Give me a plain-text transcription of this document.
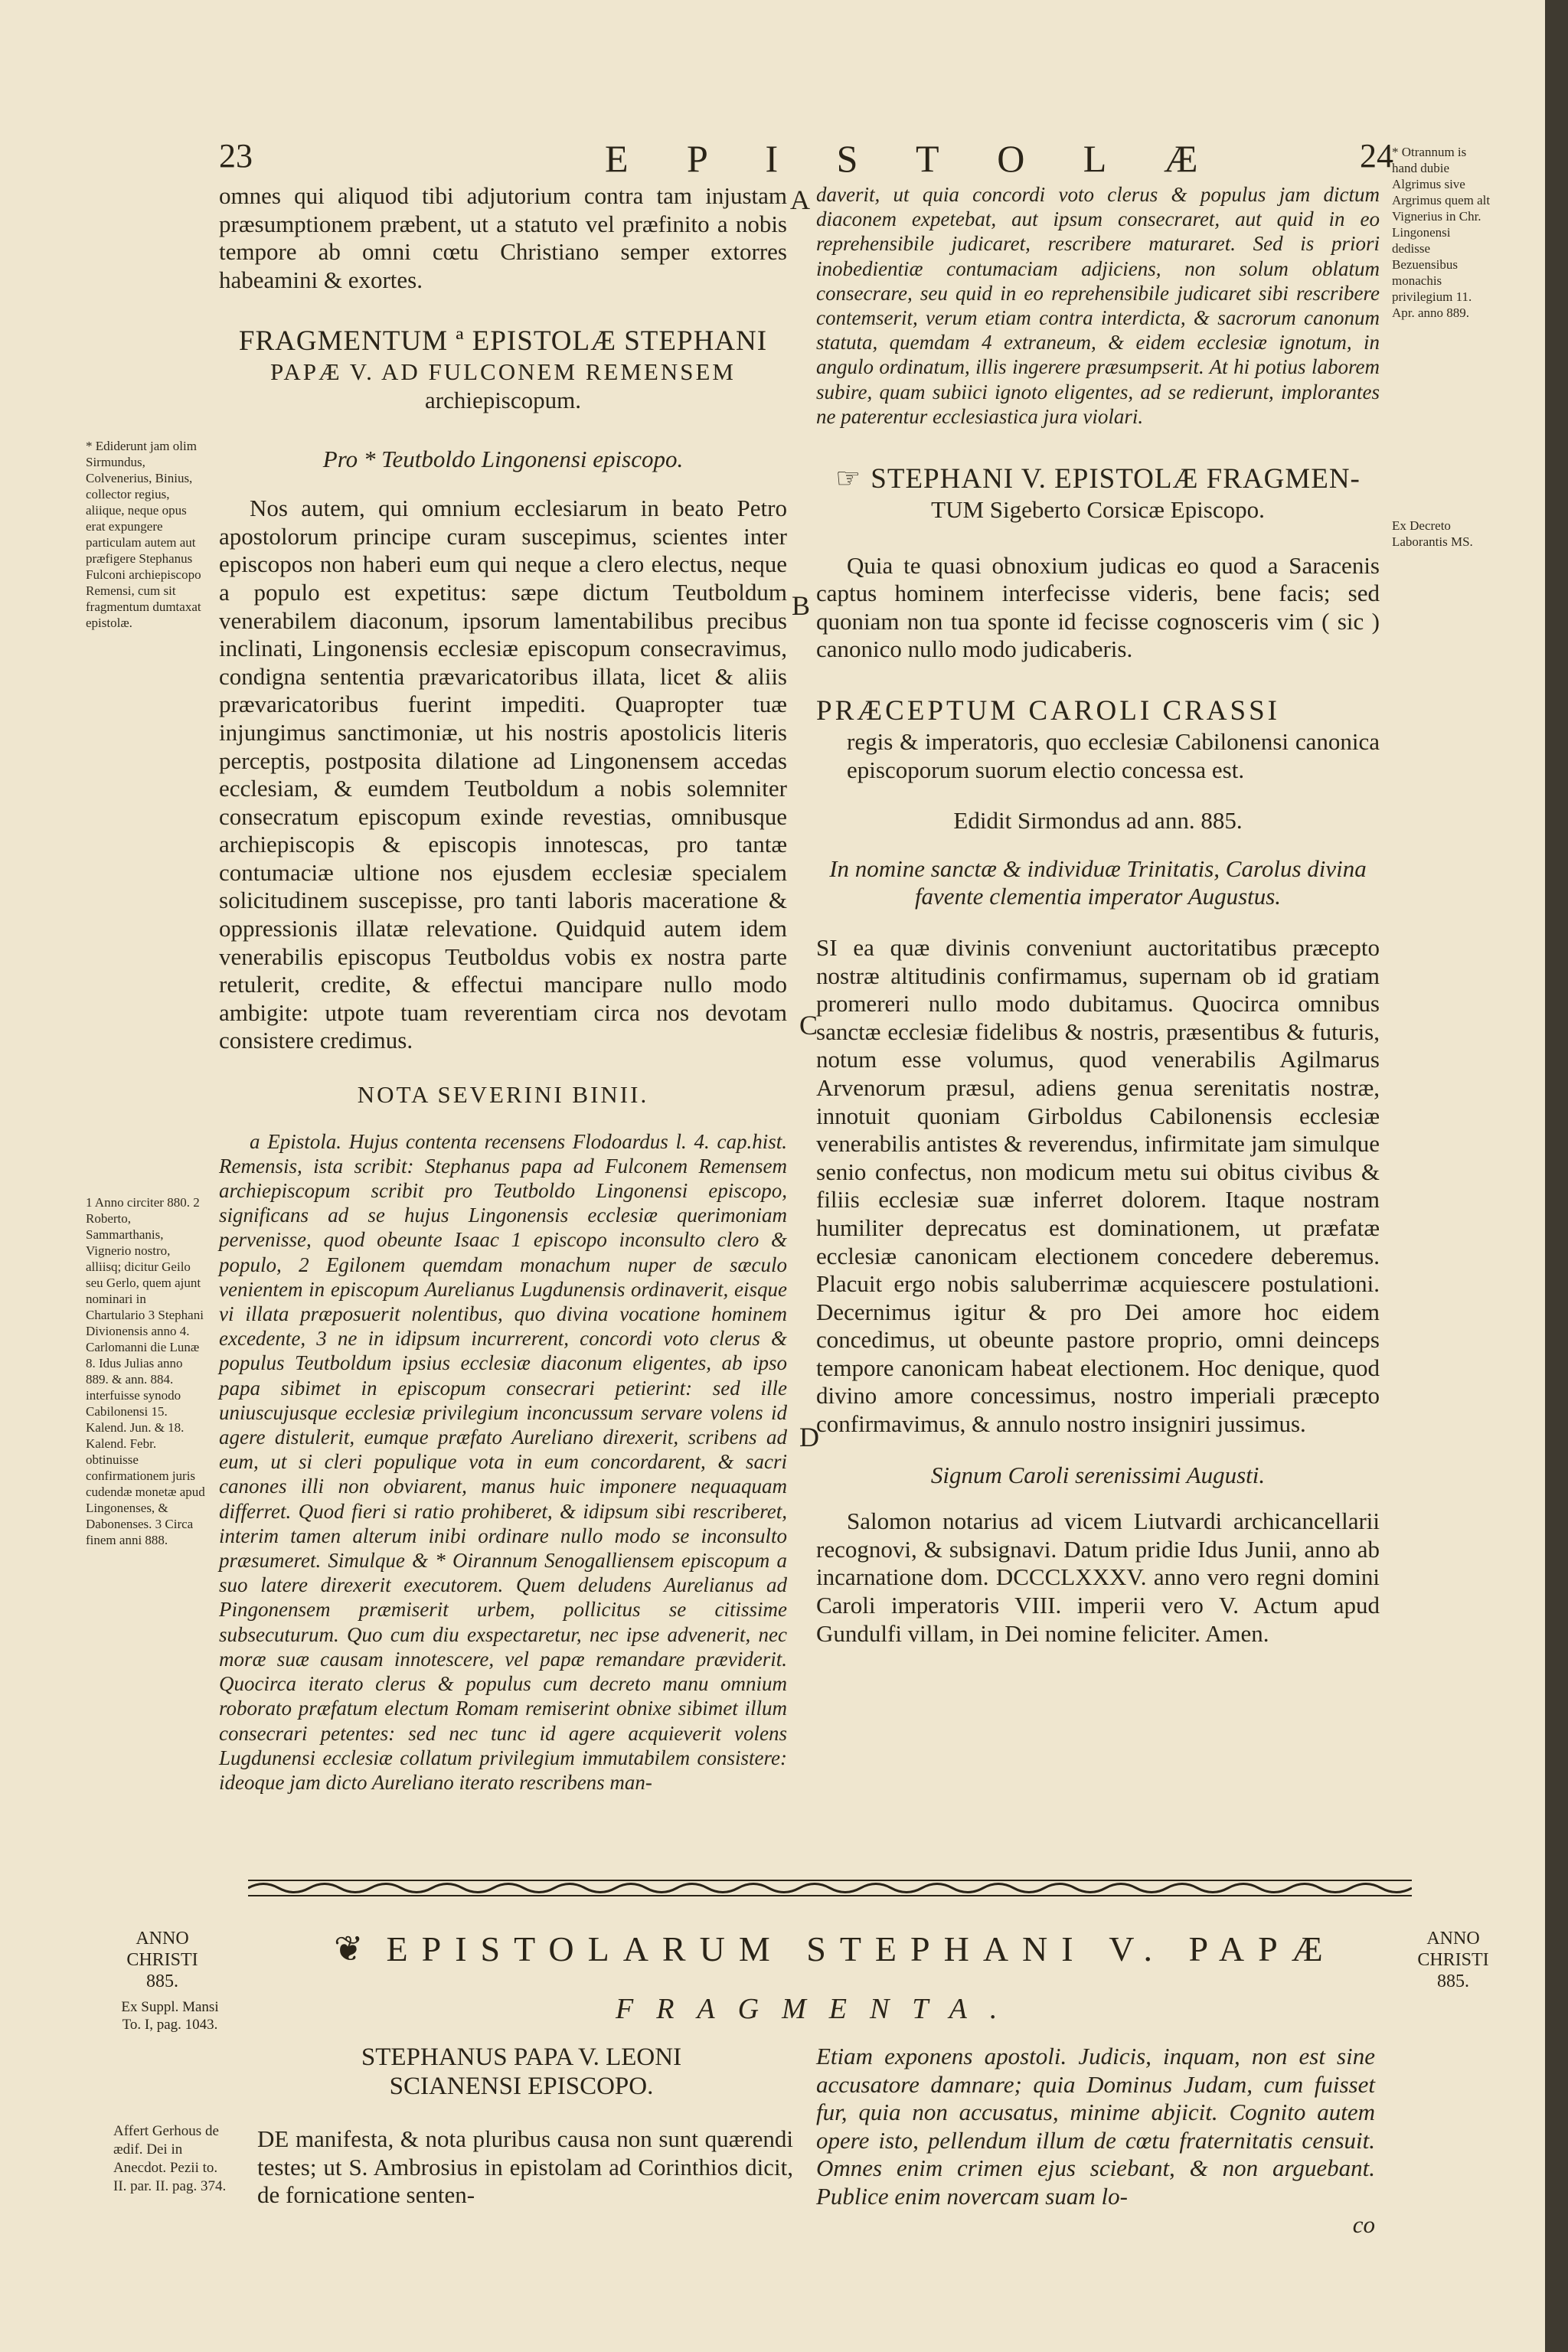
23	E P I S T O L Æ	24
A
B
C
D

omnes qui aliquod tibi adjutorium contra tam injustam præsumptionem præbent, ut a statuto vel præfinito a nobis tempore ab omni cœtu Christiano semper extorres habeamini & exortes.

FRAGMENTUM ª EPISTOLÆ STEPHANI

PAPÆ V. AD FULCONEM REMENSEM

archiepiscopum.

Pro * Teutboldo Lingonensi episcopo.

Nos autem, qui omnium ecclesiarum in beato Petro apostolorum principe curam suscepimus, scientes inter episcopos non haberi eum qui neque a clero electus, neque a populo est expetitus: sæpe dictum Teutboldum venerabilem diaconum, ipsorum lamentabilibus precibus inclinati, Lingonensis ecclesiæ episcopum consecravimus, condigna sententia prævaricatoribus illata, licet & aliis prævaricatoribus fuerint impediti. Quapropter tuæ injungimus sanctimoniæ, ut his nostris apostolicis literis perceptis, postposita dilatione ad Lingonensem accedas ecclesiam, & eumdem Teutboldum a nobis solemniter consecratum episcopum exinde revestias, omnibusque archiepiscopis & episcopis innotescas, pro tantæ contumaciæ ultione nos ejusdem ecclesiæ specialem solicitudinem suscepisse, pro tanti laboris maceratione & oppressionis illatæ relevatione. Quidquid autem idem venerabilis episcopus Teutboldus vobis ex nostra parte retulerit, credite, & effectui mancipare nullo modo ambigite: utpote tuam reverentiam circa nos devotam consistere credimus.

NOTA SEVERINI BINII.

a Epistola. Hujus contenta recensens Flodoardus l. 4. cap.hist. Remensis, ista scribit: Stephanus papa ad Fulconem Remensem archiepiscopum scribit pro Teutboldo Lingonensi episcopo, significans ad se hujus Lingonensis ecclesiæ querimoniam pervenisse, quod obeunte Isaac 1 episcopo inconsulto clero & populo, 2 Egilonem quemdam monachum nuper de sæculo venientem in episcopum Aurelianus Lugdunensis ordinaverit, eisque vi illata præposuerit nolentibus, quo divina vocatione hominem excedente, 3 ne in idipsum incurrerent, concordi voto clerus & populus Teutboldum ipsius ecclesiæ diaconum eligentes, ab ipso papa sibimet in episcopum consecrari petierint: sed ille uniuscujusque ecclesiæ privilegium inconcussum servare volens id agere distulerit, eumque præfato Aureliano direxerit, scribens ad eum, ut si cleri populique vota in eum concordarent, & sacri canones illi non obviarent, manus huic imponere nequaquam differret. Quod fieri si ratio prohiberet, & idipsum sibi rescriberet, interim tamen alterum inibi ordinare nullo modo se inconsulto præsumeret. Simulque & * Oirannum Senogalliensem episcopum a suo latere direxerit executorem. Quem deludens Aurelianus ad Pingonensem præmiserit urbem, pollicitus se citissime subsecuturum. Quo cum diu exspectaretur, nec ipse advenerit, nec moræ suæ causam innotescere, vel papæ remandare præviderit. Quocirca iterato clerus & populus cum decreto manu omnium roborato præfatum electum Romam remiserint obnixe sibimet illum consecrari petentes: sed nec tunc id agere acquieverit volens Lugdunensi ecclesiæ collatum privilegium immutabilem consistere: ideoque jam dicto Aureliano iterato rescribens man-

* Ediderunt jam olim Sirmundus, Colvenerius, Binius, collector regius, aliique, neque opus erat expungere particulam autem aut præfigere Stephanus Fulconi archiepiscopo Remensi, cum sit fragmentum dumtaxat epistolæ.
1 Anno circiter 880. 2 Roberto, Sammarthanis, Vignerio nostro, alliisq; dicitur Geilo seu Gerlo, quem ajunt nominari in Chartulario 3 Stephani Divionensis anno 4. Carlomanni die Lunæ 8. Idus Julias anno 889. & ann. 884. interfuisse synodo Cabilonensi 15. Kalend. Jun. & 18. Kalend. Febr. obtinuisse confirmationem juris cudendæ monetæ apud Lingonenses, & Dabonenses. 3 Circa finem anni 888.

daverit, ut quia concordi voto clerus & populus jam dictum diaconem expetebat, aut ipsum consecraret, aut quid in eo reprehensibile judicaret, rescribere maturaret. Sed is priori inobedientiæ contumaciam adjiciens, non solum oblatum consecrare, seu quid in eo reprehensibile judicaret sibi rescribere contemserit, verum etiam contra interdicta, & sacrorum canonum statuta, quemdam 4 extraneum, & eidem ecclesiæ ignotum, in angulo ordinatum, illis ingerere præsumpserit. At hi potius laborem subire, quam subiici ignoto eligentes, ad se redierunt, implorantes ne paterentur ecclesiastica jura violari.

☞ STEPHANI V. EPISTOLÆ FRAGMEN-

TUM Sigeberto Corsicæ Episcopo.

Quia te quasi obnoxium judicas eo quod a Saracenis captus hominem interfecisse videris, bene facis; sed quoniam non tua sponte id fecisse cognosceris vim ( sic ) canonico nullo modo judicaberis.

PRÆCEPTUM CAROLI CRASSI

regis & imperatoris, quo ecclesiæ Cabilonensi canonica episcoporum suorum electio concessa est.

Edidit Sirmondus ad ann. 885.

In nomine sanctæ & individuæ Trinitatis, Carolus divina favente clementia imperator Augustus.

SI ea quæ divinis conveniunt auctoritatibus præcepto nostræ altitudinis confirmamus, supernam ob id gratiam promereri nullo modo dubitamus. Quocirca omnibus sanctæ ecclesiæ fidelibus & nostris, præsentibus & futuris, notum esse volumus, quod venerabilis Agilmarus Arvenorum præsul, adiens genua serenitatis nostræ, innotuit quoniam Girboldus Cabilonensis ecclesiæ venerabilis antistes & reverendus, infirmitate jam simulque senio confectus, non modicum metu sui obitus civibus & filiis ecclesiæ suæ inferret dolorem. Itaque nostram humiliter deprecatus est dominationem, ut præfatæ ecclesiæ canonicam electionem concedere deberemus. Placuit ergo nobis saluberrimæ acquiescere postulationi. Decernimus igitur & pro Dei amore hoc eidem concedimus, ut obeunte pastore proprio, omni deinceps tempore canonicam habeat electionem. Hoc denique, quod divino amore concessimus, nostro imperiali præcepto confirmavimus, & annulo nostro insigniri jussimus.

Signum Caroli serenissimi Augusti.

Salomon notarius ad vicem Liutvardi archicancellarii recognovi, & subsignavi. Datum pridie Idus Junii, anno ab incarnatione dom. DCCCLXXXV. anno vero regni domini Caroli imperatoris VIII. imperii vero V. Actum apud Gundulfi villam, in Dei nomine feliciter. Amen.

* Otrannum is hand dubie Algrimus sive Argrimus quem alt Vignerius in Chr. Lingonensi dedisse Bezuensibus monachis privilegium 11. Apr. anno 889.
Ex Decreto Laborantis MS.
ANNO CHRISTI 885.
Ex Suppl. Mansi To. I, pag. 1043.
ANNO CHRISTI 885.
❦ EPISTOLARUM STEPHANI V. PAPÆ
FRAGMENTA.

STEPHANUS PAPA V. LEONI

SCIANENSI EPISCOPO.

Affert Gerhous de ædif. Dei in Anecdot. Pezii to. II. par. II. pag. 374.

DE manifesta, & nota pluribus causa non sunt quærendi testes; ut S. Ambrosius in epistolam ad Corinthios dicit, de fornicatione senten-

Etiam exponens apostoli. Judicis, inquam, non est sine accusatore damnare; quia Dominus Judam, cum fuisset fur, quia non accusatus, minime abjicit. Cognito autem opere isto, pellendum illum de cœtu fraternitatis censuit. Omnes enim crimen ejus sciebant, & non arguebant. Publice enim novercam suam lo-

co
